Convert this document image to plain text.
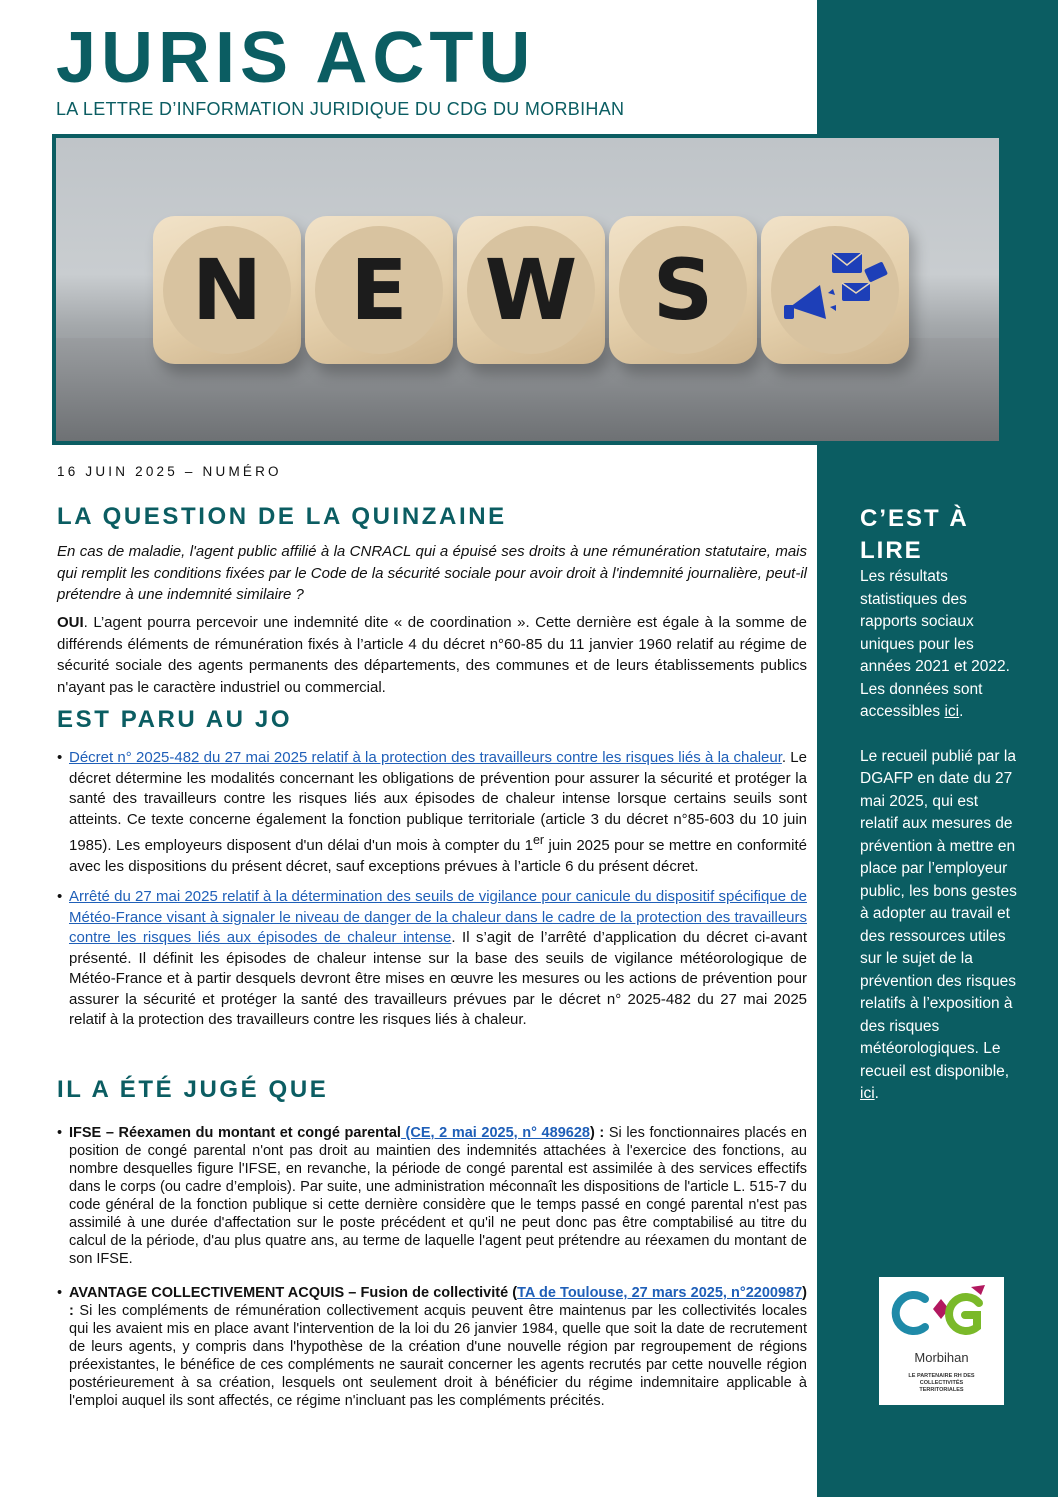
JURIS ACTU
LA LETTRE D’INFORMATION JURIDIQUE DU CDG DU MORBIHAN
N E W S
16 JUIN 2025 – NUMÉRO
LA QUESTION DE LA QUINZAINE

En cas de maladie, l'agent public affilié à la CNRACL qui a épuisé ses droits à une rémunération statutaire, mais qui remplit les conditions fixées par le Code de la sécurité sociale pour avoir droit à l'indemnité journalière, peut-il prétendre à une indemnité similaire ?

OUI. L’agent pourra percevoir une indemnité dite « de coordination ». Cette dernière est égale à la somme de différends éléments de rémunération fixés à l’article 4 du décret n°60-85 du 11 janvier 1960 relatif au régime de sécurité sociale des agents permanents des départements, des communes et de leurs établissements publics n'ayant pas le caractère industriel ou commercial.

EST PARU AU JO
• Décret n° 2025-482 du 27 mai 2025 relatif à la protection des travailleurs contre les risques liés à la chaleur. Le décret détermine les modalités concernant les obligations de prévention pour assurer la sécurité et protéger la santé des travailleurs contre les risques liés aux épisodes de chaleur intense lorsque certains seuils sont atteints. Ce texte concerne également la fonction publique territoriale (article 3 du décret n°85-603 du 10 juin 1985). Les employeurs disposent d'un délai d'un mois à compter du 1er juin 2025 pour se mettre en conformité avec les dispositions du présent décret, sauf exceptions prévues à l’article 6 du présent décret.
• Arrêté du 27 mai 2025 relatif à la détermination des seuils de vigilance pour canicule du dispositif spécifique de Météo-France visant à signaler le niveau de danger de la chaleur dans le cadre de la protection des travailleurs contre les risques liés aux épisodes de chaleur intense. Il s’agit de l’arrêté d’application du décret ci-avant présenté. Il définit les épisodes de chaleur intense sur la base des seuils de vigilance météorologique de Météo-France et à partir desquels devront être mises en œuvre les mesures ou les actions de prévention pour assurer la sécurité et protéger la santé des travailleurs prévues par le décret n° 2025-482 du 27 mai 2025 relatif à la protection des travailleurs contre les risques liés à chaleur.
IL A ÉTÉ JUGÉ QUE
• IFSE – Réexamen du montant et congé parental (CE, 2 mai 2025, n° 489628) : Si les fonctionnaires placés en position de congé parental n'ont pas droit au maintien des indemnités attachées à l'exercice des fonctions, au nombre desquelles figure l'IFSE, en revanche, la période de congé parental est assimilée à des services effectifs dans le corps (ou cadre d’emplois). Par suite, une administration méconnaît les dispositions de l'article L. 515-7 du code général de la fonction publique si cette dernière considère que le temps passé en congé parental n'est pas assimilé à une durée d'affectation sur le poste précédent et qu'il ne peut donc pas être comptabilisé au titre du calcul de la période, d'au plus quatre ans, au terme de laquelle l'agent peut prétendre au réexamen du montant de son IFSE.
• AVANTAGE COLLECTIVEMENT ACQUIS – Fusion de collectivité (TA de Toulouse, 27 mars 2025, n°2200987) : Si les compléments de rémunération collectivement acquis peuvent être maintenus par les collectivités locales qui les avaient mis en place avant l'intervention de la loi du 26 janvier 1984, quelle que soit la date de recrutement de leurs agents, y compris dans l'hypothèse de la création d'une nouvelle région par regroupement de régions préexistantes, le bénéfice de ces compléments ne saurait concerner les agents recrutés par cette nouvelle région postérieurement à sa création, lesquels ont seulement droit à bénéficier du régime indemnitaire applicable à l'emploi auquel ils sont affectés, ce régime n'incluant pas les compléments précités.
C’EST À LIRE

Les résultats statistiques des rapports sociaux uniques pour les années 2021 et 2022. Les données sont accessibles ici.

Le recueil publié par la DGAFP en date du 27 mai 2025, qui est relatif aux mesures de prévention à mettre en place par l’employeur public, les bons gestes à adopter au travail et des ressources utiles sur le sujet de la prévention des risques relatifs à l’exposition à des risques météorologiques. Le recueil est disponible, ici.

Morbihan
LE PARTENAIRE RH DES COLLECTIVITÉS TERRITORIALES
